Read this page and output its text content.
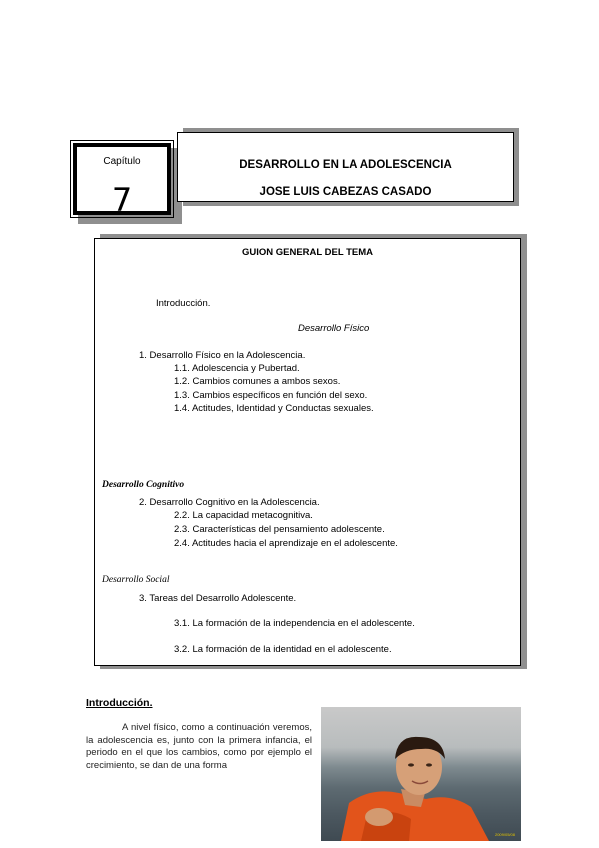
Capítulo
7
DESARROLLO EN LA ADOLESCENCIA
JOSE LUIS CABEZAS CASADO
GUION GENERAL DEL TEMA
Introducción.
Desarrollo Físico
1. Desarrollo Físico en la Adolescencia.
1.1. Adolescencia y Pubertad.
1.2. Cambios comunes a ambos sexos.
1.3. Cambios específicos en función del sexo.
1.4. Actitudes, Identidad y Conductas sexuales.
Desarrollo Cognitivo
2. Desarrollo Cognitivo en la Adolescencia.
2.2. La capacidad metacognitiva.
2.3. Características del pensamiento adolescente.
2.4. Actitudes hacia el aprendizaje en el adolescente.
Desarrollo Social
3. Tareas del Desarrollo Adolescente.
3.1. La formación de la independencia en el adolescente.
3.2. La formación de la identidad en el adolescente.
Introducción.
A nivel físico, como a continuación veremos, la adolescencia es, junto con la primera infancia, el periodo en el que los cambios, como por ejemplo el crecimiento, se dan de una forma
2009/05/08
